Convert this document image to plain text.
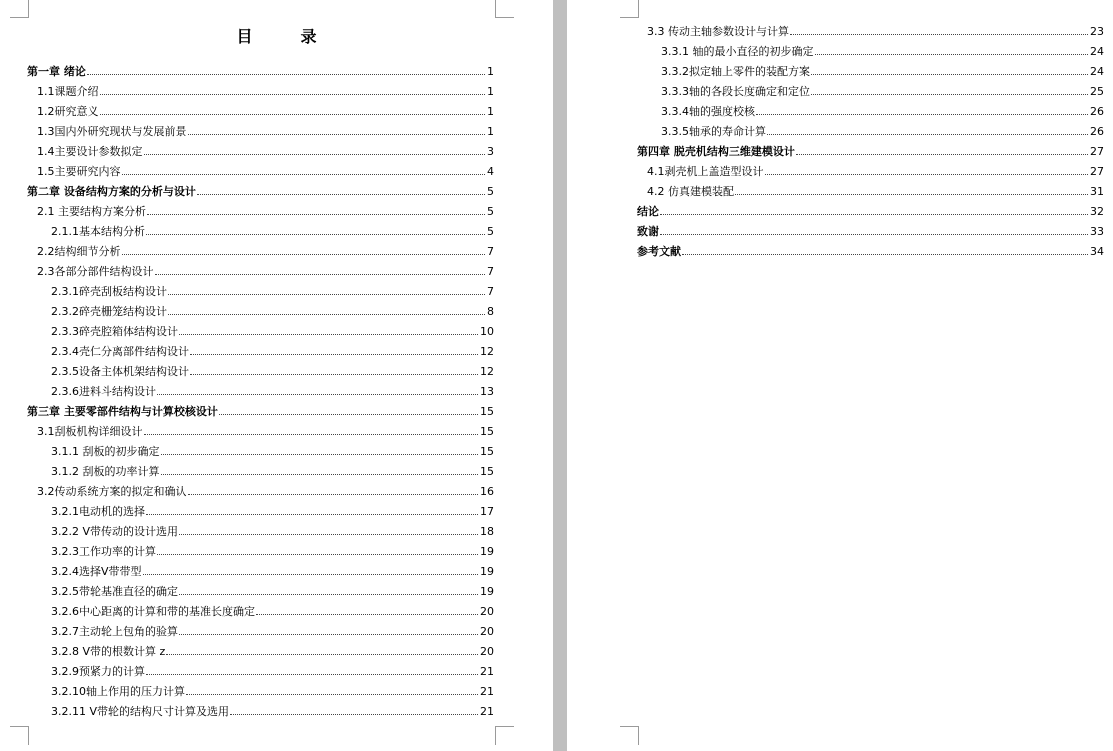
目录
第一章 绪论	1
1.1课题介绍	1
1.2研究意义	1
1.3国内外研究现状与发展前景	1
1.4主要设计参数拟定	3
1.5主要研究内容	4
第二章 设备结构方案的分析与设计	5
2.1 主要结构方案分析	5
2.1.1基本结构分析	5
2.2结构细节分析	7
2.3各部分部件结构设计	7
2.3.1碎壳刮板结构设计	7
2.3.2碎壳栅笼结构设计	8
2.3.3碎壳腔箱体结构设计	10
2.3.4壳仁分离部件结构设计	12
2.3.5设备主体机架结构设计	12
2.3.6进料斗结构设计	13
第三章 主要零部件结构与计算校核设计	15
3.1刮板机构详细设计	15
3.1.1 刮板的初步确定	15
3.1.2 刮板的功率计算	15
3.2传动系统方案的拟定和确认	16
3.2.1电动机的选择	17
3.2.2 V带传动的设计选用	18
3.2.3工作功率的计算	19
3.2.4选择V带带型	19
3.2.5带轮基准直径的确定	19
3.2.6中心距离的计算和带的基准长度确定	20
3.2.7主动轮上包角的验算	20
3.2.8 V带的根数计算 z	20
3.2.9预紧力的计算	21
3.2.10轴上作用的压力计算	21
3.2.11 V带轮的结构尺寸计算及选用	21
3.3 传动主轴参数设计与计算	23
3.3.1 轴的最小直径的初步确定	24
3.3.2拟定轴上零件的装配方案	24
3.3.3轴的各段长度确定和定位	25
3.3.4轴的强度校核	26
3.3.5轴承的寿命计算	26
第四章 脱壳机结构三维建模设计	27
4.1剥壳机上盖造型设计	27
4.2 仿真建模装配	31
结论	32
致谢	33
参考文献	34
